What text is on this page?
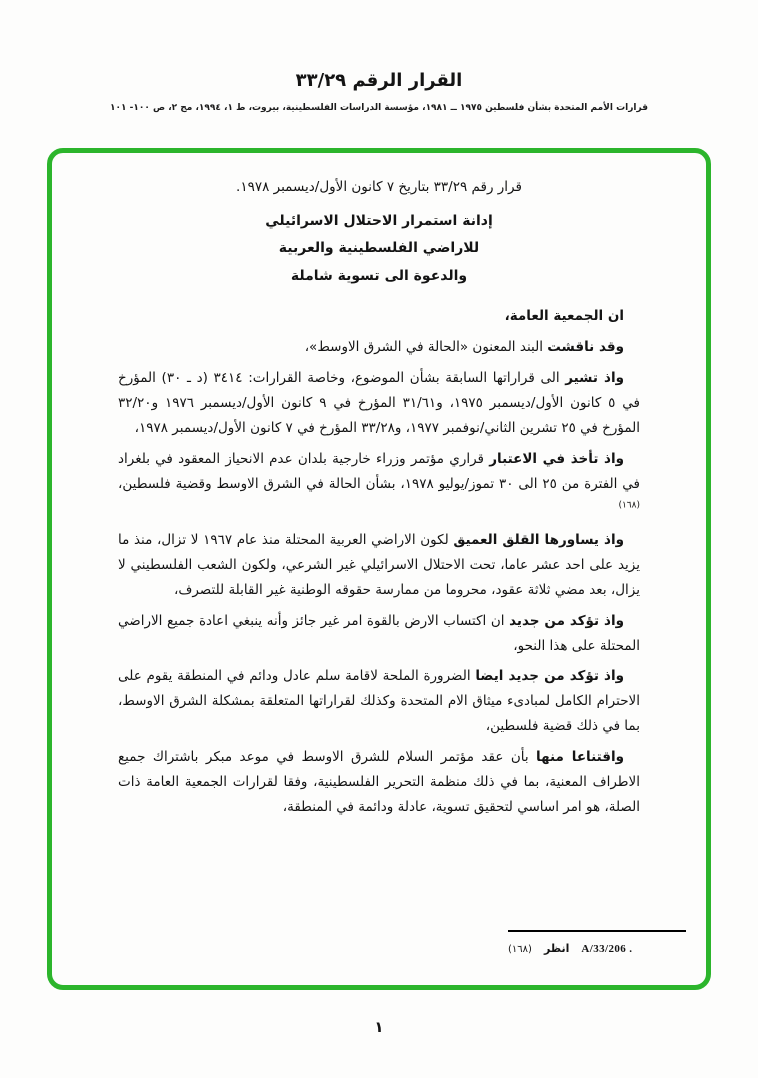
القرار الرقم ٣٣/٢٩
قرارات الأمم المتحدة بشأن فلسطين ١٩٧٥ ــ ١٩٨١، مؤسسة الدراسات الفلسطينية، بيروت، ط ١، ١٩٩٤، مج ٢، ص ١٠٠- ١٠١
قرار رقم ٣٣/٢٩ بتاريخ ٧ كانون الأول/ديسمبر ١٩٧٨.
إدانة استمرار الاحتلال الاسرائيلي
للاراضي الفلسطينية والعربية
والدعوة الى تسوية شاملة

ان الجمعية العامة،

وقد ناقشت البند المعنون «الحالة في الشرق الاوسط»،

واذ تشير الى قراراتها السابقة بشأن الموضوع، وخاصة القرارات: ٣٤١٤ (د ـ ٣٠) المؤرخ في ٥ كانون الأول/ديسمبر ١٩٧٥، و٣١/٦١ المؤرخ في ٩ كانون الأول/ديسمبر ١٩٧٦ و٣٢/٢٠ المؤرخ في ٢٥ تشرين الثاني/نوفمبر ١٩٧٧، و٣٣/٢٨ المؤرخ في ٧ كانون الأول/ديسمبر ١٩٧٨،

واذ تأخذ في الاعتبار قراري مؤتمر وزراء خارجية بلدان عدم الانحياز المعقود في بلغراد في الفترة من ٢٥ الى ٣٠ تموز/يوليو ١٩٧٨، بشأن الحالة في الشرق الاوسط وقضية فلسطين،$^{(١٦٨)}$

واذ يساورها القلق العميق لكون الاراضي العربية المحتلة منذ عام ١٩٦٧ لا تزال، منذ ما يزيد على احد عشر عاما، تحت الاحتلال الاسرائيلي غير الشرعي، ولكون الشعب الفلسطيني لا يزال، بعد مضي ثلاثة عقود، محروما من ممارسة حقوقه الوطنية غير القابلة للتصرف،

واذ تؤكد من جديد ان اكتساب الارض بالقوة امر غير جائز وأنه ينبغي اعادة جميع الاراضي المحتلة على هذا النحو،

واذ تؤكد من جديد ايضا الضرورة الملحة لاقامة سلم عادل ودائم في المنطقة يقوم على الاحترام الكامل لمبادىء ميثاق الام المتحدة وكذلك لقراراتها المتعلقة بمشكلة الشرق الاوسط، بما في ذلك قضية فلسطين،

واقتناعا منها بأن عقد مؤتمر السلام للشرق الاوسط في موعد مبكر باشتراك جميع الاطراف المعنية، بما في ذلك منظمة التحرير الفلسطينية، وفقا لقرارات الجمعية العامة ذات الصلة، هو امر اساسي لتحقيق تسوية، عادلة ودائمة في المنطقة،

(١٦٨) انظر A/33/206 .
١
